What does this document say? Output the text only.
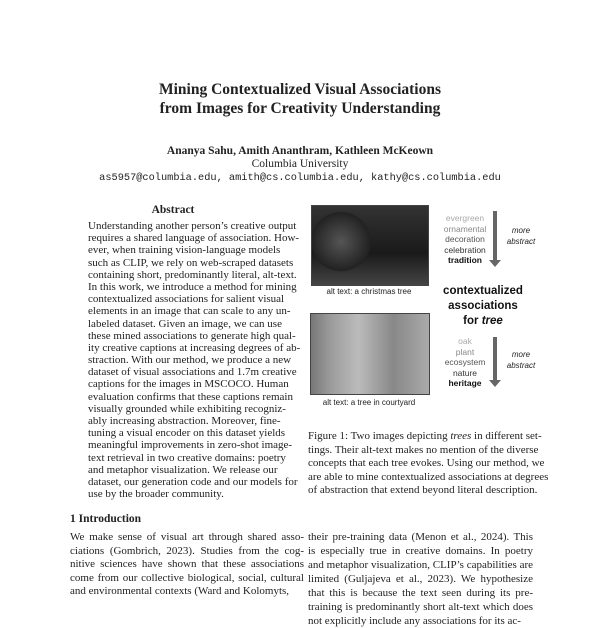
Mining Contextualized Visual Associations
from Images for Creativity Understanding
Ananya Sahu, Amith Ananthram, Kathleen McKeown
Columbia University
as5957@columbia.edu, amith@cs.columbia.edu, kathy@cs.columbia.edu
Abstract
Understanding another person’s creative output
requires a shared language of association. How-
ever, when training vision-language models
such as CLIP, we rely on web-scraped datasets
containing short, predominantly literal, alt-text.
In this work, we introduce a method for mining
contextualized associations for salient visual
elements in an image that can scale to any un-
labeled dataset. Given an image, we can use
these mined associations to generate high qual-
ity creative captions at increasing degrees of ab-
straction. With our method, we produce a new
dataset of visual associations and 1.7m creative
captions for the images in MSCOCO. Human
evaluation confirms that these captions remain
visually grounded while exhibiting recogniz-
ably increasing abstraction. Moreover, fine-
tuning a visual encoder on this dataset yields
meaningful improvements in zero-shot image-
text retrieval in two creative domains: poetry
and metaphor visualization. We release our
dataset, our generation code and our models for
use by the broader community.
1 Introduction
We make sense of visual art through shared asso-
ciations (Gombrich, 2023). Studies from the cog-
nitive sciences have shown that these associations
come from our collective biological, social, cultural
and environmental contexts (Ward and Kolomyts,
alt text: a christmas tree
alt text: a tree in courtyard
evergreen
ornamental
decoration
celebration
tradition
more
abstract
contextualized
associations
for tree
oak
plant
ecosystem
nature
heritage
more
abstract
Figure 1: Two images depicting trees in different set-
tings. Their alt-text makes no mention of the diverse
concepts that each tree evokes. Using our method, we
are able to mine contextualized associations at degrees
of abstraction that extend beyond literal description.
their pre-training data (Menon et al., 2024). This
is especially true in creative domains. In poetry
and metaphor visualization, CLIP’s capabilities are
limited (Guljajeva et al., 2023). We hypothesize
that this is because the text seen during its pre-
training is predominantly short alt-text which does
not explicitly include any associations for its ac-
